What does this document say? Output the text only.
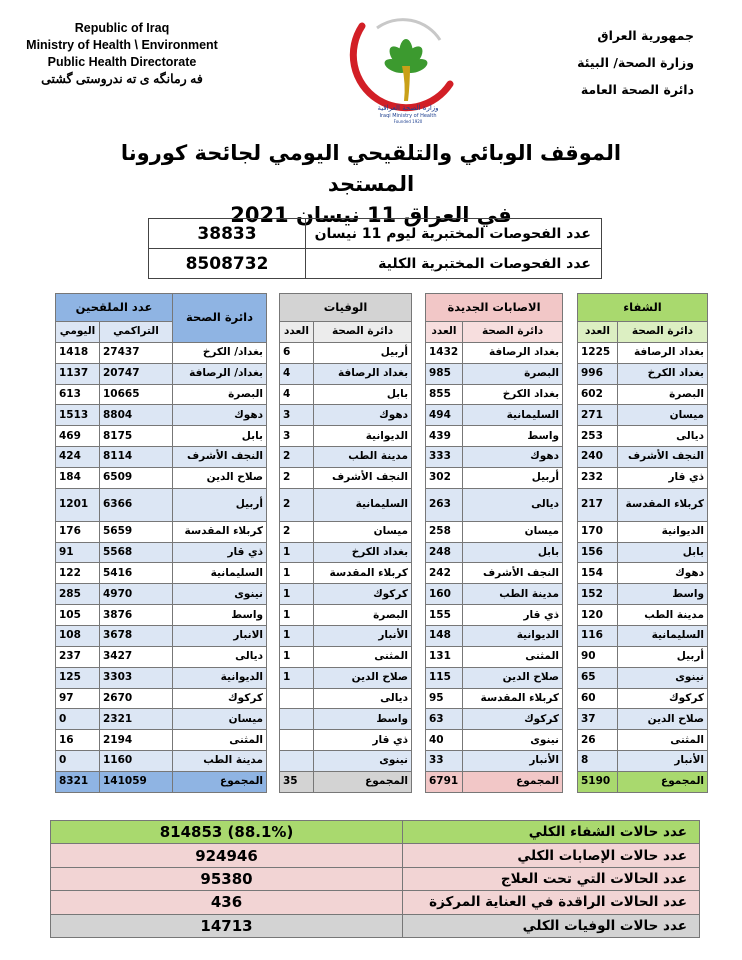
Republic of Iraq
Ministry of Health \ Environment
Public Health Directorate
فه رمانگه ی ته ندروستی گشتی
وزارة الصحة العراقية
Iraqi Ministry of Health
Founded 1920
جمهورية العراق
وزارة الصحة/ البيئة
دائرة الصحة العامة
الموقف الوبائي والتلقيحي اليومي لجائحة كورونا المستجد
في العراق 11 نيسان 2021
38833	عدد الفحوصات المختبرية ليوم 11 نيسان
8508732	عدد الفحوصات المختبرية الكلية
عدد الملقحين		دائرة الصحة
اليومي	التراكمي	
1418	27437	بغداد/ الكرخ
1137	20747	بغداد/ الرصافة
613	10665	البصرة
1513	8804	دهوك
469	8175	بابل
424	8114	النجف الأشرف
184	6509	صلاح الدين
1201	6366	أربيل
176	5659	كربلاء المقدسة
91	5568	ذي قار
122	5416	السليمانية
285	4970	نينوى
105	3876	واسط
108	3678	الانبار
237	3427	ديالى
125	3303	الديوانية
97	2670	كركوك
0	2321	ميسان
16	2194	المثنى
0	1160	مدينة الطب
8321	141059	المجموع
الوفيات	
العدد	دائرة الصحة
6	أربيل
4	بغداد الرصافة
4	بابل
3	دهوك
3	الديوانية
2	مدينة الطب
2	النجف الأشرف
2	السليمانية
2	ميسان
1	بغداد الكرخ
1	كربلاء المقدسة
1	كركوك
1	البصرة
1	الأنبار
1	المثنى
1	صلاح الدين
	ديالى
	واسط
	ذي قار
	نينوى
35	المجموع
الاصابات الجديدة	
العدد	دائرة الصحة
1432	بغداد الرصافة
985	البصرة
855	بغداد الكرخ
494	السليمانية
439	واسط
333	دهوك
302	أربيل
263	ديالى
258	ميسان
248	بابل
242	النجف الأشرف
160	مدينة الطب
155	ذي قار
148	الديوانية
131	المثنى
115	صلاح الدين
95	كربلاء المقدسة
63	كركوك
40	نينوى
33	الأنبار
6791	المجموع
الشفاء	
العدد	دائرة الصحة
1225	بغداد الرصافة
996	بغداد الكرخ
602	البصرة
271	ميسان
253	ديالى
240	النجف الأشرف
232	ذي قار
217	كربلاء المقدسة
170	الديوانية
156	بابل
154	دهوك
152	واسط
120	مدينة الطب
116	السليمانية
90	أربيل
65	نينوى
60	كركوك
37	صلاح الدين
26	المثنى
8	الأنبار
5190	المجموع
814853 (88.1%)	عدد حالات الشفاء الكلي
924946	عدد حالات الإصابات الكلي
95380	عدد الحالات التي تحت العلاج
436	عدد الحالات الراقدة في العناية المركزة
14713	عدد حالات الوفيات الكلي
